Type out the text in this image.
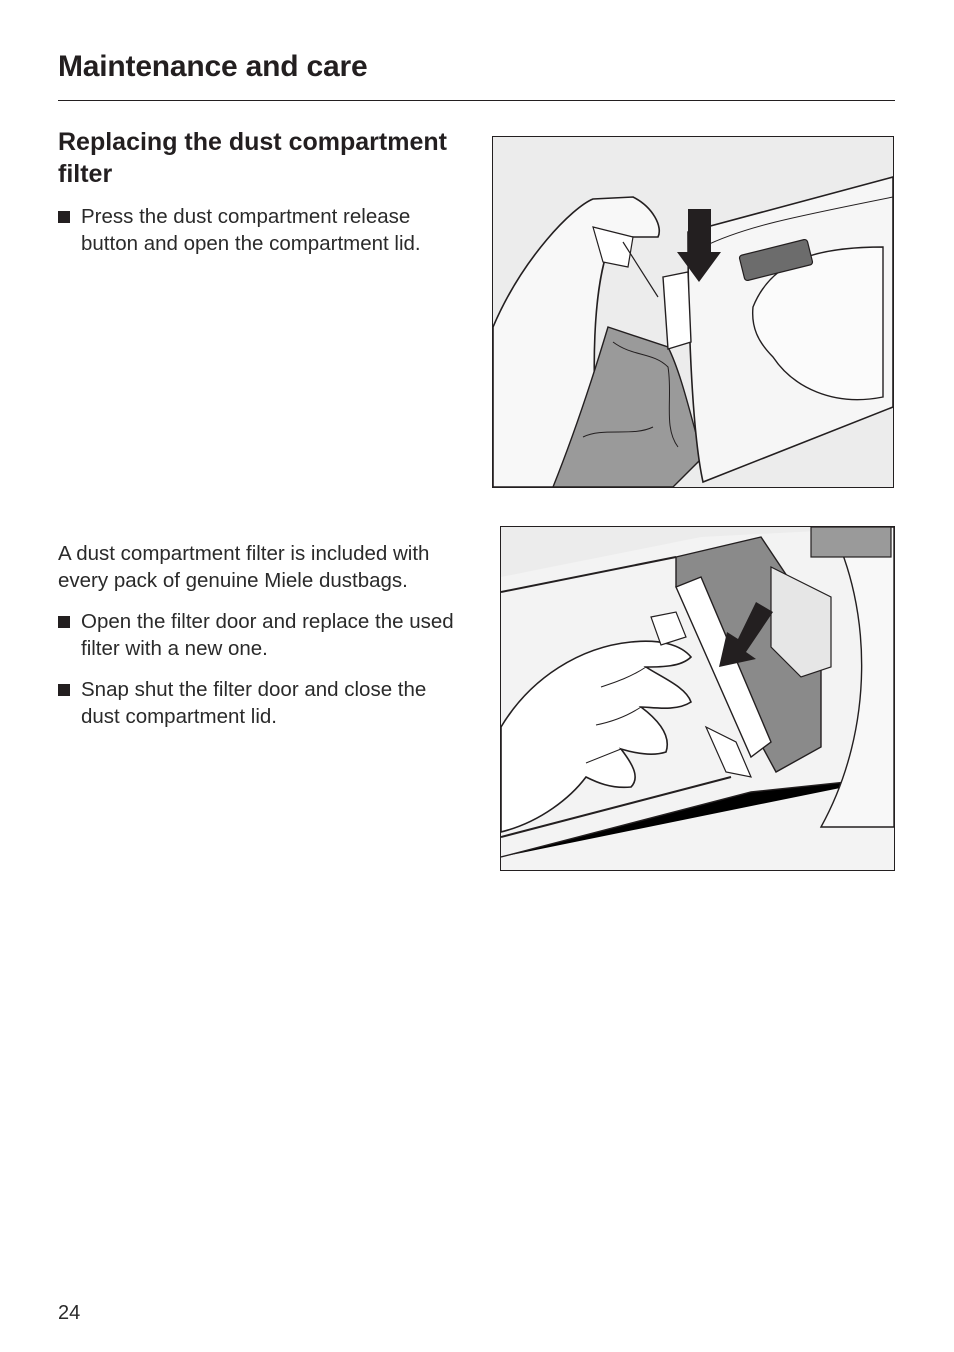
Maintenance and care
Replacing the dust compartment filter
Press the dust compartment release button and open the compartment lid.

A dust compartment filter is included with every pack of genuine Miele dustbags.

Open the filter door and replace the used filter with a new one.
Snap shut the filter door and close the dust compartment lid.
24
